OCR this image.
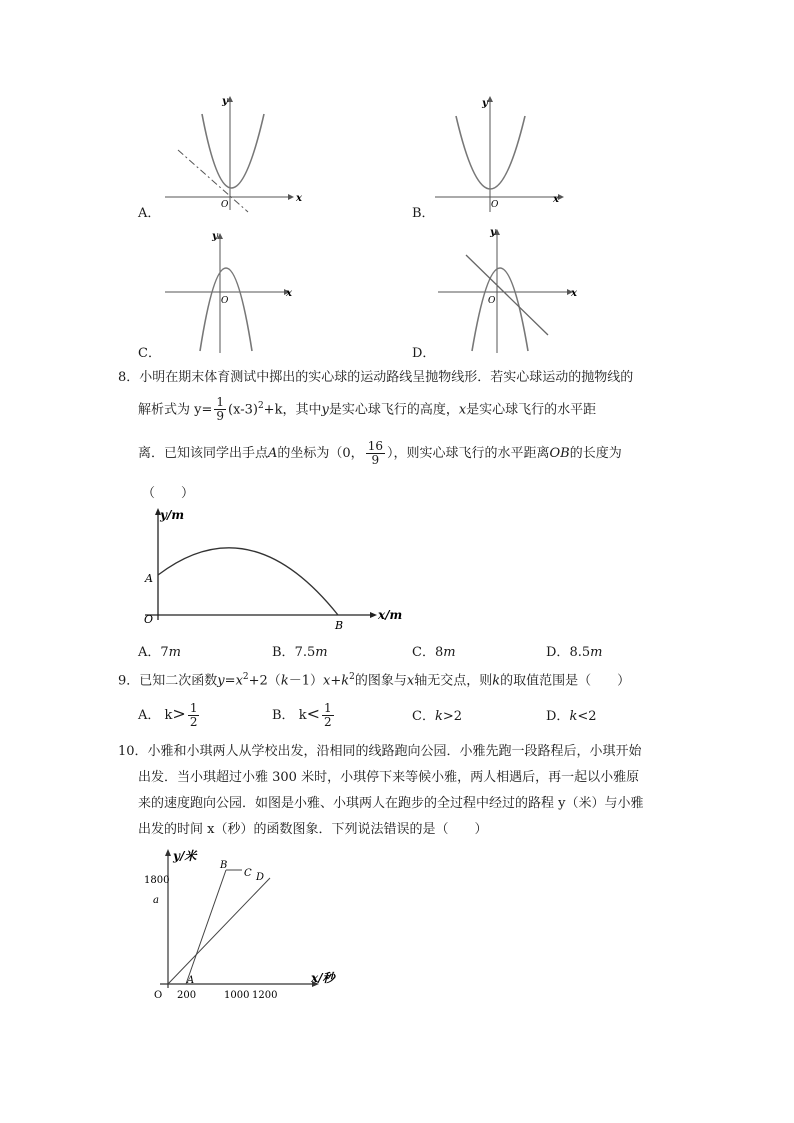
y
x
O
A．
y
x
O
B．
y
x
O
C．
y
x
O
D．
8．小明在期末体育测试中掷出的实心球的运动路线呈抛物线形．若实心球运动的抛物线的
解析式为 $y= \frac{1}{9} (x-3)^2+k$，其中y是实心球飞行的高度，x是实心球飞行的水平距
离．已知该同学出手点A的坐标为（0， $\frac{16}{9}$ ），则实心球飞行的水平距离OB的长度为
（　　）
y/m
x/m
O
A
B
A．7m	B．7.5m	C．8m	D．8.5m
9．已知二次函数$y=x^2+2(k-1)x+k^2$的图象与x轴无交点，则k的取值范围是（　　）
A． $k> \frac{1}{2}$	B． $k< \frac{1}{2}$	C．k>2	D．k<2
10．小雅和小琪两人从学校出发，沿相同的线路跑向公园．小雅先跑一段路程后，小琪开始
出发．当小琪超过小雅 300 米时，小琪停下来等候小雅，两人相遇后，再一起以小雅原
来的速度跑向公园．如图是小雅、小琪两人在跑步的全过程中经过的路程 y（米）与小雅
出发的时间 x（秒）的函数图象．下列说法错误的是（　　）
y/米
x/秒
O
1800
a
200	1000 1200
A
B
C D
